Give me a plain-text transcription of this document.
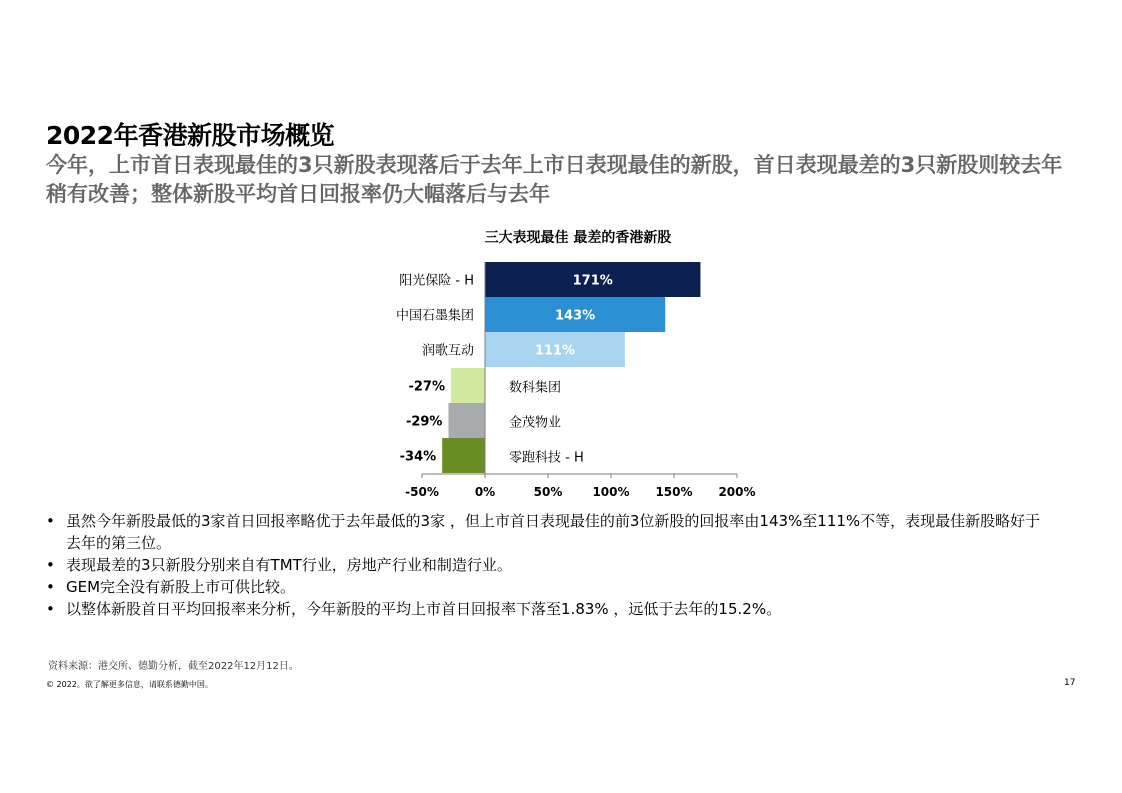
2022年香港新股市场概览

今年，上市首日表现最佳的3只新股表现落后于去年上市日表现最佳的新股，首日表现最差的3只新股则较去年稍有改善；整体新股平均首日回报率仍大幅落后与去年

三大表现最佳 最差的香港新股
阳光保险 - H	171%
中国石墨集团	143%
润歌互动	111%
-27%	数科集团
-29%	金茂物业
-34%	零跑科技 - H
-50%	0%	50%	100% 150% 200%
• 虽然今年新股最低的3家首日回报率略优于去年最低的3家 ，但上市首日表现最佳的前3位新股的回报率由143%至111%不等，表现最佳新股略好于去年的第三位。
• 表现最差的3只新股分别来自有TMT行业，房地产行业和制造行业。
• GEM完全没有新股上市可供比较。
• 以整体新股首日平均回报率来分析，今年新股的平均上市首日回报率下落至1.83% ，远低于去年的15.2%。
资料来源：港交所、德勤分析，截至2022年12月12日。
© 2022。欲了解更多信息，请联系德勤中国。	17
